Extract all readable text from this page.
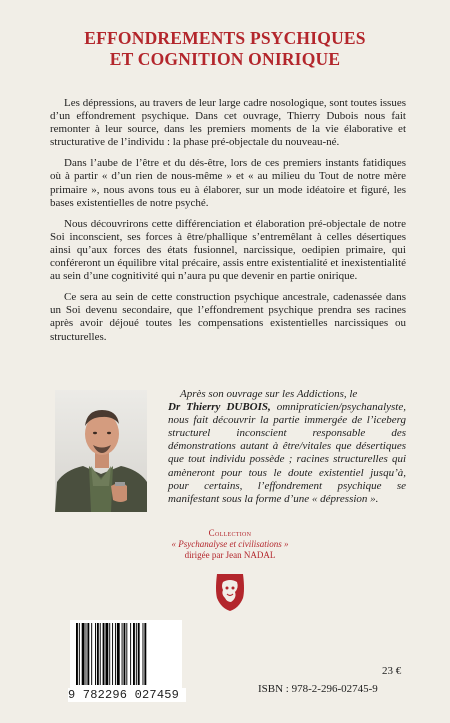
EFFONDREMENTS PSYCHIQUES
ET COGNITION ONIRIQUE

Les dépressions, au travers de leur large cadre nosologique, sont toutes issues d’un effondrement psychique. Dans cet ouvrage, Thierry Dubois nous fait remonter à leur source, dans les premiers moments de la vie élaborative et structurative de l’individu : la phase pré-objectale du nouveau-né.

Dans l’aube de l’être et du dés-être, lors de ces premiers instants fatidiques où à partir « d’un rien de nous-même » et « au milieu du Tout de notre mère primaire », nous avons tous eu à élaborer, sur un mode idéatoire et figuré, les bases existentielles de notre psyché.

Nous découvrirons cette différenciation et élaboration pré-objectale de notre Soi inconscient, ses forces à être/phallique s’entremêlant à celles désertiques ainsi qu’aux forces des états fusionnel, narcissique, oedipien primaire, qui conféreront un équilibre vital précaire, assis entre existentialité et inexistentialité au sein d’une cognitivité qui n’aura pu que devenir en partie onirique.

Ce sera au sein de cette construction psychique ancestrale, cadenassée dans un Soi devenu secondaire, que l’effondrement psychique prendra ses racines après avoir déjoué toutes les compensations existentielles narcissiques ou structurelles.

Après son ouvrage sur les Addictions, le
Dr Thierry DUBOIS, omnipraticien/psychanalyste, nous fait découvrir la partie immergée de l’iceberg structurel inconscient responsable des démonstrations autant à être/vitales que désertiques que tout individu possède ; racines structurelles qui amèneront pour tous le doute existentiel jusqu’à, pour certains, l’effondrement psychique se manifestant sous la forme d’une « dépression ».
Collection
« Psychanalyse et civilisations »
dirigée par Jean NADAL
9 782296 027459
23 €
ISBN : 978-2-296-02745-9
